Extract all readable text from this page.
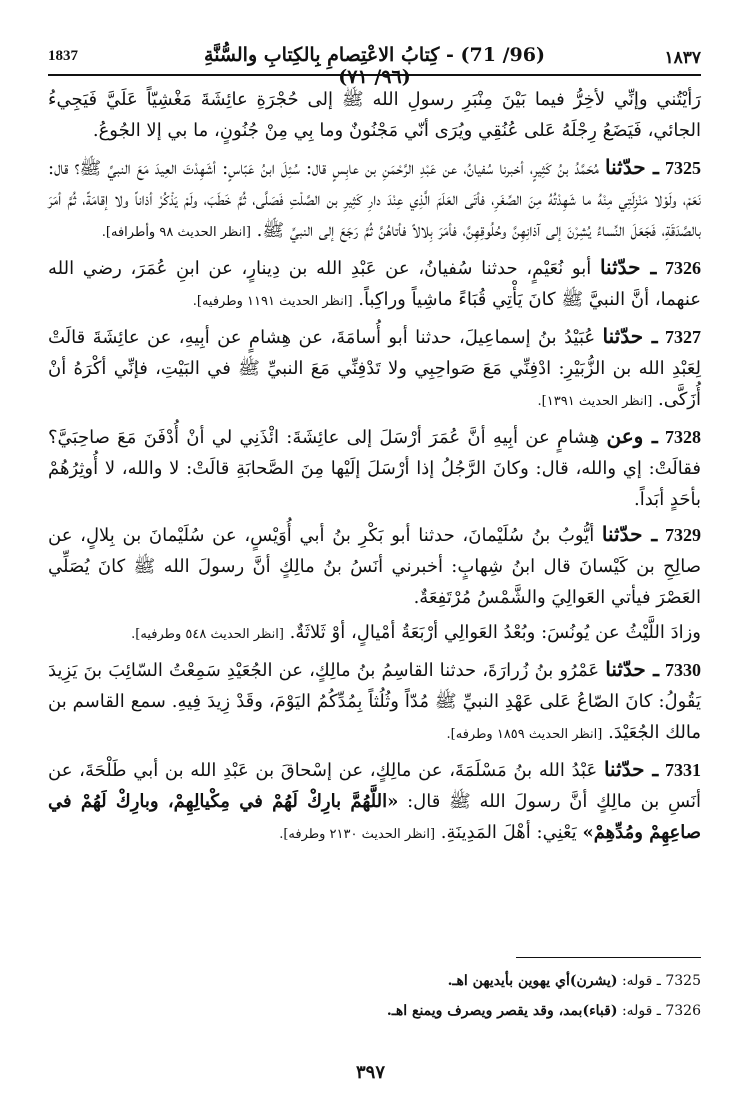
1837	(96/ 71) - كِتابُ الاعْتِصامِ بِالكِتابِ والسُّنَّةِ (٩٦/ ٧١)
١٨٣٧

رَأيْتُني وإنِّي لأخِرُّ فيما بَيْنَ مِنْبَرِ رسولِ الله ﷺ إلى حُجْرَةِ عائِشَةَ مَغْشِيّاً عَلَيَّ فَيَجِيءُ الجائي، فَيَضَعُ رِجْلَهُ عَلى عُنُقِي ويُرَى أنّي مَجْنُونٌ وما بِي مِنْ جُنُونٍ، ما بي إلا الجُوعُ.

7325 ـ حدّثنا مُحَمَّدُ بنُ كَثِيرٍ، أخبرنا سُفيانُ، عن عَبْدِ الرَّحْمَنِ بن عابِسٍ قال: سُئِلَ ابنُ عَبّاسٍ: أشَهِدْتَ العِيدَ مَعَ النبيِّ ﷺ؟ قال: نَعَمْ، ولَوْلا مَنْزِلَتِي مِنْهُ ما شَهِدْتُهُ مِنَ الصِّغَرِ، فأتَى العَلَمَ الَّذِي عِنْدَ دارِ كَثِيرِ بن الصَّلْتِ فَصَلَّى، ثُمَّ خَطَبَ، ولَمْ يَذْكُرْ أذاناً ولا إقامَةً، ثُمَّ أمَرَ بالصَّدَقَةِ، فَجَعَلَ النِّساءُ يُشِرْنَ إلى آذانِهِنَّ وحُلُوقِهِنَّ، فأمَرَ بِلالاً فأتاهُنَّ ثُمَّ رَجَعَ إلى النبيِّ ﷺ. [انظر الحديث ٩٨ وأطرافه].

7326 ـ حدّثنا أبو نُعَيْمٍ، حدثنا سُفيانُ، عن عَبْدِ الله بن دِينارٍ، عن ابنِ عُمَرَ، رضي الله عنهما، أنَّ النبيَّ ﷺ كانَ يَأْتِي قُبَاءً ماشِياً وراكِباً. [انظر الحديث ١١٩١ وطرفيه].

7327 ـ حدّثنا عُبَيْدُ بنُ إسماعِيلَ، حدثنا أبو أُسامَةَ، عن هِشامٍ عن أبِيهِ، عن عائِشَةَ قالَتْ لِعَبْدِ الله بن الزُّبَيْرِ: ادْفِنِّي مَعَ صَواحِبِي ولا تَدْفِنِّي مَعَ النبيِّ ﷺ في البَيْتِ، فإنِّي أكْرَهُ أنْ أُزَكَّى. [انظر الحديث ١٣٩١].

7328 ـ وعن هِشامٍ عن أبِيهِ أنَّ عُمَرَ أرْسَلَ إلى عائِشَةَ: ائْذَنِي لي أنْ أُدْفَنَ مَعَ صاحِبَيَّ؟ فقالَتْ: إي والله، قال: وكانَ الرَّجُلُ إذا أرْسَلَ إلَيْها مِنَ الصَّحابَةِ قالَتْ: لا والله، لا أُوثِرُهُمْ بأحَدٍ أبَداً.

7329 ـ حدّثنا أيُّوبُ بنُ سُلَيْمانَ، حدثنا أبو بَكْرِ بنُ أبي أُوَيْسٍ، عن سُلَيْمانَ بن بِلالٍ، عن صالِحِ بن كَيْسانَ قال ابنُ شِهابٍ: أخبرني أنَسُ بنُ مالِكٍ أنَّ رسولَ الله ﷺ كانَ يُصَلِّي العَصْرَ فيأتي العَوالِيَ والشَّمْسُ مُرْتَفِعَةٌ.

وزادَ اللَّيْثُ عن يُونُسَ: وبُعْدُ العَوالِي أرْبَعَةُ أمْيالٍ، أوْ ثَلاثَةٌ. [انظر الحديث ٥٤٨ وطرفيه].

7330 ـ حدّثنا عَمْرُو بنُ زُرارَةَ، حدثنا القاسِمُ بنُ مالِكٍ، عن الجُعَيْدِ سَمِعْتُ السّائِبَ بنَ يَزِيدَ يَقُولُ: كانَ الصّاعُ عَلى عَهْدِ النبيِّ ﷺ مُدّاً وثُلُثاً بِمُدِّكُمُ اليَوْمَ، وقَدْ زِيدَ فِيهِ. سمع القاسم بن مالك الجُعَيْدَ. [انظر الحديث ١٨٥٩ وطرفه].

7331 ـ حدّثنا عَبْدُ الله بنُ مَسْلَمَةَ، عن مالِكٍ، عن إسْحاقَ بن عَبْدِ الله بن أبي طَلْحَةَ، عن أنَسِ بن مالِكٍ أنَّ رسولَ الله ﷺ قال: «اللَّهُمَّ بارِكْ لَهُمْ في مِكْيالِهِمْ، وبارِكْ لَهُمْ في صاعِهِمْ ومُدِّهِمْ» يَعْنِي: أهْلَ المَدِينَةِ. [انظر الحديث ٢١٣٠ وطرفه].

7325 ـ قوله: (يشرن)أي يهوين بأيديهن اهـ.

7326 ـ قوله: (قباء)بمد، وقد يقصر ويصرف ويمنع اهـ.

٣٩٧
